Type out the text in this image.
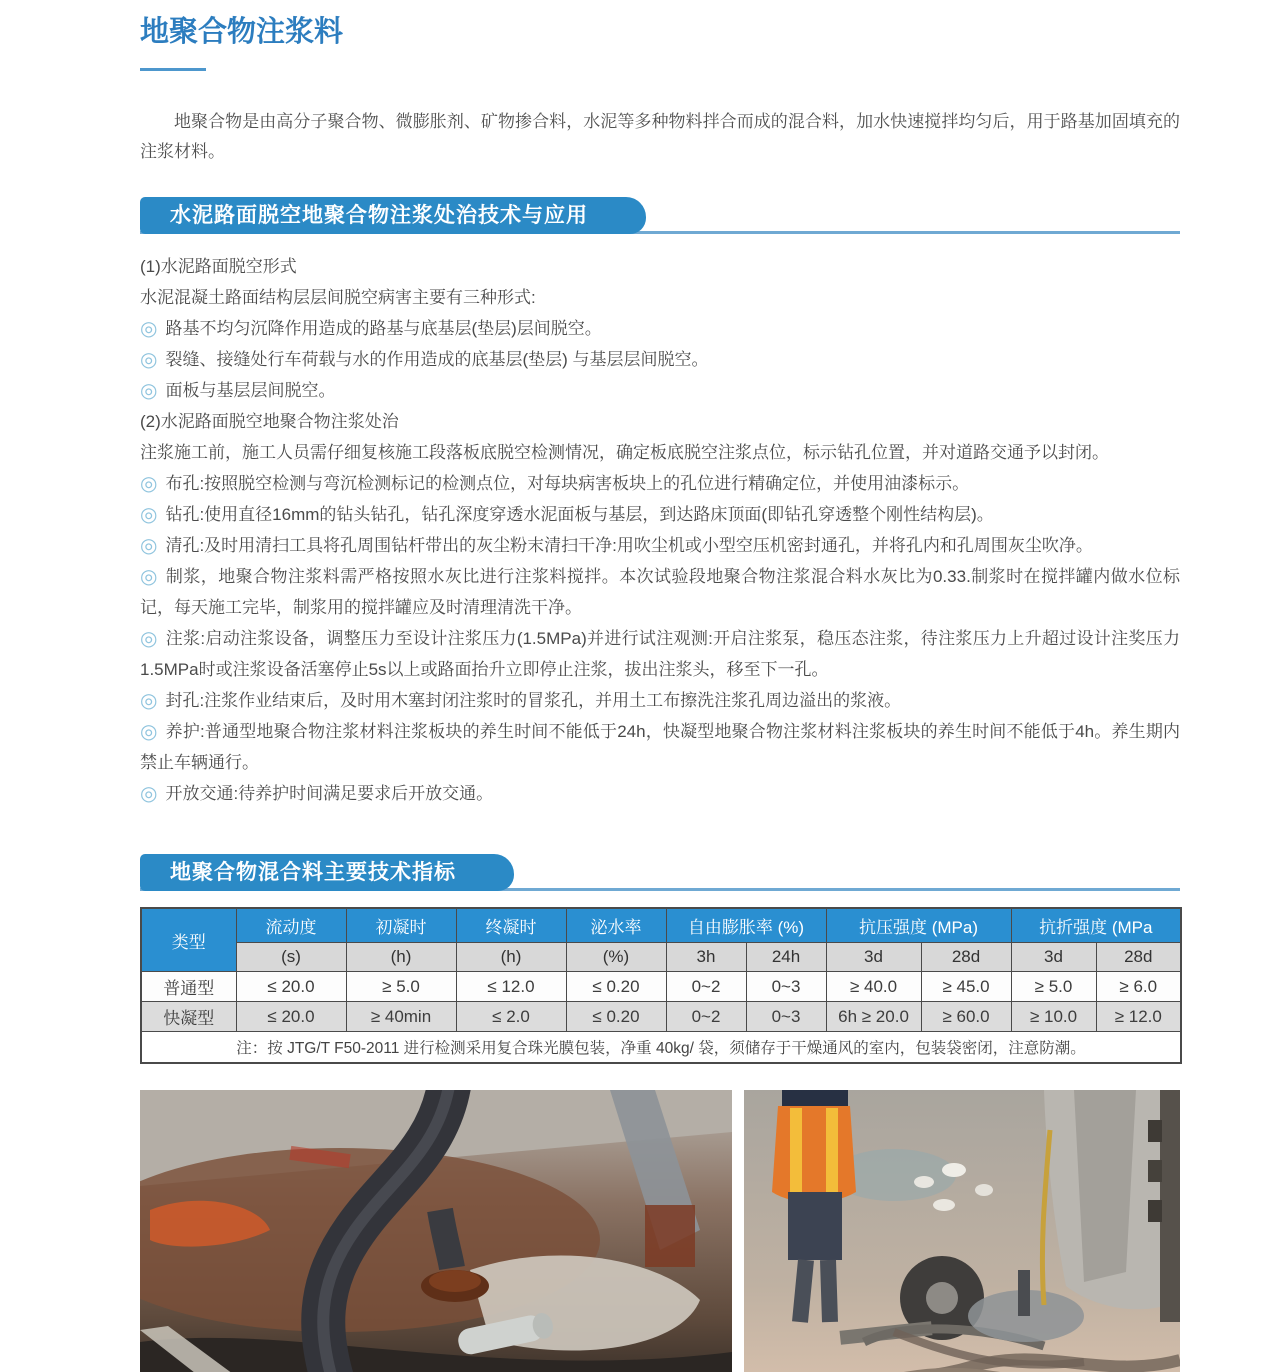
地聚合物注浆料

地聚合物是由高分子聚合物、微膨胀剂、矿物掺合料，水泥等多种物料拌合而成的混合料，加水快速搅拌均匀后，用于路基加固填充的注浆材料。

水泥路面脱空地聚合物注浆处治技术与应用

(1)水泥路面脱空形式

水泥混凝土路面结构层层间脱空病害主要有三种形式:

◎ 路基不均匀沉降作用造成的路基与底基层(垫层)层间脱空。

◎ 裂缝、接缝处行车荷载与水的作用造成的底基层(垫层) 与基层层间脱空。

◎ 面板与基层层间脱空。

(2)水泥路面脱空地聚合物注浆处治

注浆施工前，施工人员需仔细复核施工段落板底脱空检测情况，确定板底脱空注浆点位，标示钻孔位置，并对道路交通予以封闭。

◎ 布孔:按照脱空检测与弯沉检测标记的检测点位，对每块病害板块上的孔位进行精确定位，并使用油漆标示。

◎ 钻孔:使用直径16mm的钻头钻孔，钻孔深度穿透水泥面板与基层，到达路床顶面(即钻孔穿透整个刚性结构层)。

◎ 清孔:及时用清扫工具将孔周围钻杆带出的灰尘粉末清扫干净:用吹尘机或小型空压机密封通孔，并将孔内和孔周围灰尘吹净。

◎ 制浆，地聚合物注浆料需严格按照水灰比进行注浆料搅拌。本次试验段地聚合物注浆混合料水灰比为0.33.制浆时在搅拌罐内做水位标记，每天施工完毕，制浆用的搅拌罐应及时清理清洗干净。

◎ 注浆:启动注浆设备，调整压力至设计注浆压力(1.5MPa)并进行试注观测:开启注浆泵，稳压态注浆，待注浆压力上升超过设计注奖压力1.5MPa时或注浆设备活塞停止5s以上或路面抬升立即停止注浆，拔出注浆头，移至下一孔。

◎ 封孔:注浆作业结束后，及时用木塞封闭注浆时的冒浆孔，并用土工布擦洗注浆孔周边溢出的浆液。

◎ 养护:普通型地聚合物注浆材料注浆板块的养生时间不能低于24h，快凝型地聚合物注浆材料注浆板块的养生时间不能低于4h。养生期内禁止车辆通行。

◎ 开放交通:待养护时间满足要求后开放交通。

地聚合物混合料主要技术指标
类型	流动度	初凝时	终凝时	泌水率	自由膨胀率 (%)		抗压强度 (MPa)		抗折强度 (MPa	
	(s)	(h)	(h)	(%)	3h	24h	3d	28d	3d	28d
普通型	≤ 20.0	≥ 5.0	≤ 12.0	≤ 0.20	0~2	0~3	≥ 40.0	≥ 45.0	≥ 5.0	≥ 6.0
快凝型	≤ 20.0	≥ 40min	≤ 2.0	≤ 0.20	0~2	0~3	6h ≥ 20.0	≥ 60.0	≥ 10.0	≥ 12.0
注：按 JTG/T F50-2011 进行检测采用复合珠光膜包装，净重 40kg/ 袋，须储存于干燥通风的室内，包装袋密闭，注意防潮。										
